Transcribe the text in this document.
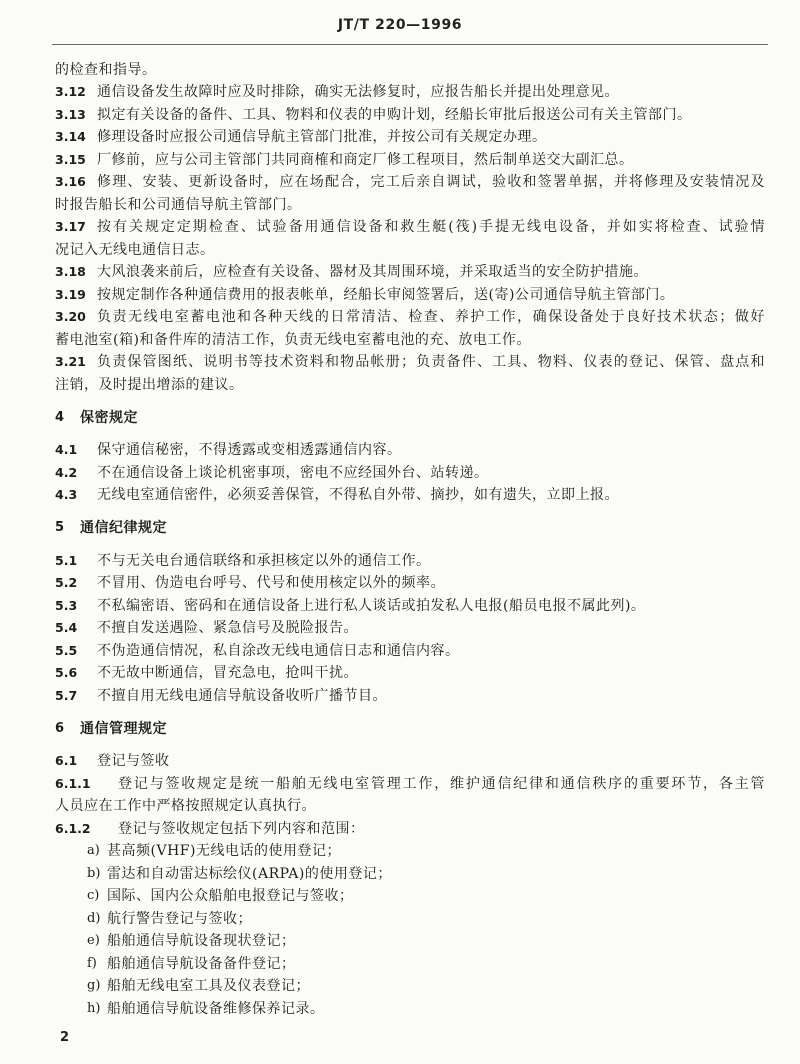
JT/T 220—1996
的检查和指导。
3.12 通信设备发生故障时应及时排除，确实无法修复时，应报告船长并提出处理意见。
3.13 拟定有关设备的备件、工具、物料和仪表的申购计划，经船长审批后报送公司有关主管部门。
3.14 修理设备时应报公司通信导航主管部门批准，并按公司有关规定办理。
3.15 厂修前，应与公司主管部门共同商榷和商定厂修工程项目，然后制单送交大副汇总。
3.16 修理、安装、更新设备时，应在场配合，完工后亲自调试，验收和签署单据，并将修理及安装情况及
时报告船长和公司通信导航主管部门。
3.17 按有关规定定期检查、试验备用通信设备和救生艇(筏)手提无线电设备，并如实将检查、试验情
况记入无线电通信日志。
3.18 大风浪袭来前后，应检查有关设备、器材及其周围环境，并采取适当的安全防护措施。
3.19 按规定制作各种通信费用的报表帐单，经船长审阅签署后，送(寄)公司通信导航主管部门。
3.20 负责无线电室蓄电池和各种天线的日常清洁、检查、养护工作，确保设备处于良好技术状态；做好
蓄电池室(箱)和备件库的清洁工作，负责无线电室蓄电池的充、放电工作。
3.21 负责保管图纸、说明书等技术资料和物品帐册；负责备件、工具、物料、仪表的登记、保管、盘点和
注销，及时提出增添的建议。
4	保密规定
4.1	保守通信秘密，不得透露或变相透露通信内容。
4.2	不在通信设备上谈论机密事项，密电不应经国外台、站转递。
4.3	无线电室通信密件，必须妥善保管，不得私自外带、摘抄，如有遗失，立即上报。
5	通信纪律规定
5.1	不与无关电台通信联络和承担核定以外的通信工作。
5.2	不冒用、伪造电台呼号、代号和使用核定以外的频率。
5.3	不私编密语、密码和在通信设备上进行私人谈话或拍发私人电报(船员电报不属此列)。
5.4	不擅自发送遇险、紧急信号及脱险报告。
5.5	不伪造通信情况，私自涂改无线电通信日志和通信内容。
5.6	不无故中断通信，冒充急电，抢叫干扰。
5.7	不擅自用无线电通信导航设备收听广播节目。
6	通信管理规定
6.1	登记与签收
6.1.1	登记与签收规定是统一船舶无线电室管理工作，维护通信纪律和通信秩序的重要环节，各主管
人员应在工作中严格按照规定认真执行。
6.1.2	登记与签收规定包括下列内容和范围：
a) 甚高频(VHF)无线电话的使用登记；
b) 雷达和自动雷达标绘仪(ARPA)的使用登记；
c) 国际、国内公众船舶电报登记与签收；
d) 航行警告登记与签收；
e) 船舶通信导航设备现状登记；
f) 船舶通信导航设备备件登记；
g) 船舶无线电室工具及仪表登记；
h) 船舶通信导航设备维修保养记录。
2
